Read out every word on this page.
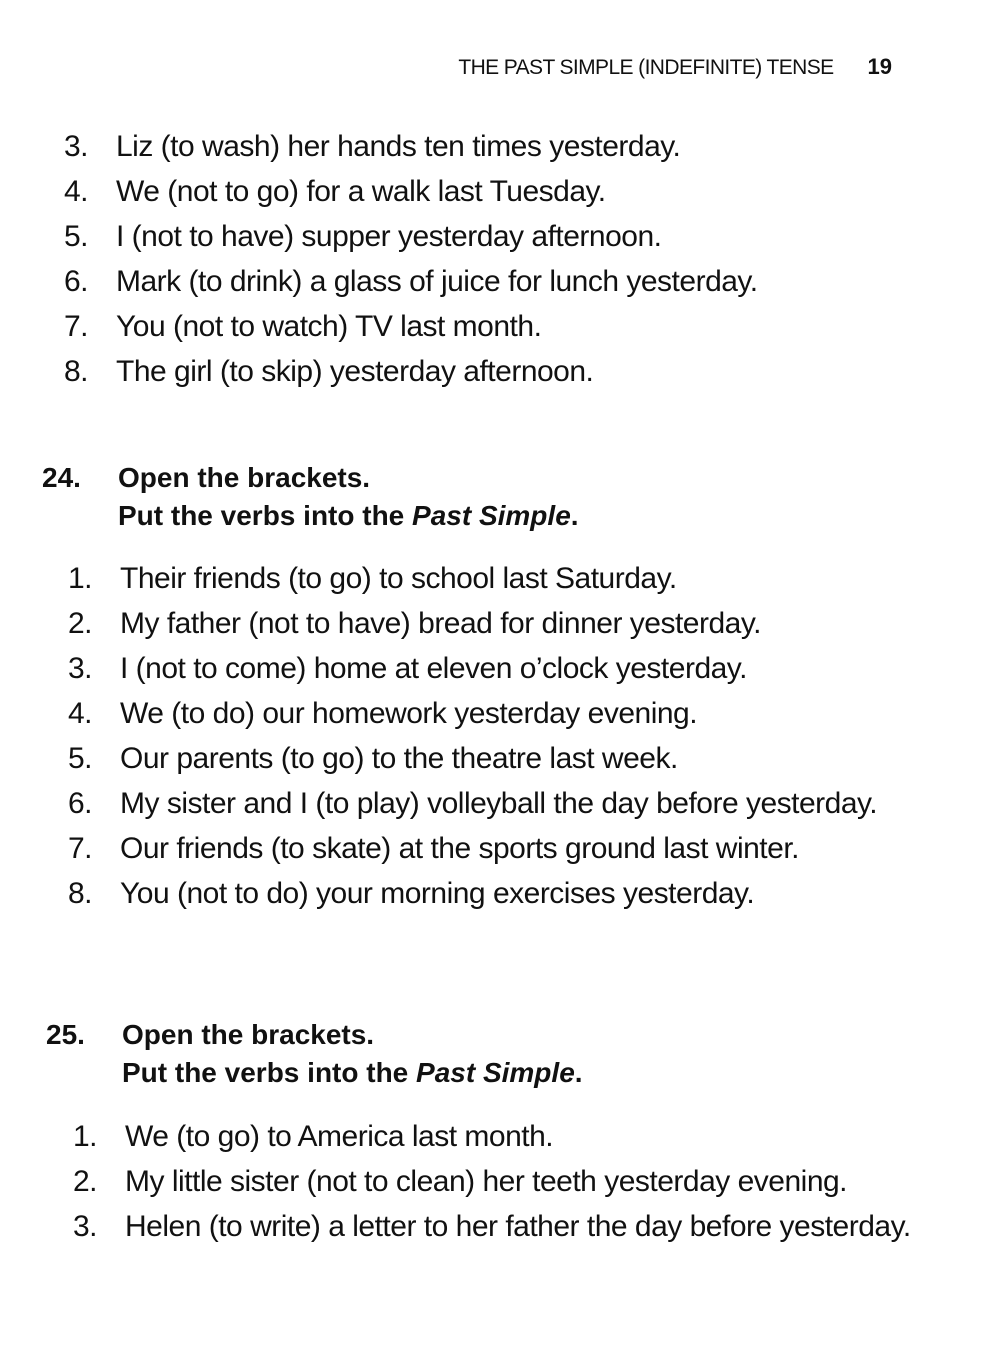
THE PAST SIMPLE (INDEFINITE) TENSE 19
3. Liz (to wash) her hands ten times yesterday.
4. We (not to go) for a walk last Tuesday.
5. I (not to have) supper yesterday afternoon.
6. Mark (to drink) a glass of juice for lunch yesterday.
7. You (not to watch) TV last month.
8. The girl (to skip) yesterday afternoon.
24.	Open the brackets.
Put the verbs into the Past Simple.
1. Their friends (to go) to school last Saturday.
2. My father (not to have) bread for dinner yesterday.
3. I (not to come) home at eleven o’clock yesterday.
4. We (to do) our homework yesterday evening.
5. Our parents (to go) to the theatre last week.
6. My sister and I (to play) volleyball the day before yesterday.
7. Our friends (to skate) at the sports ground last winter.
8. You (not to do) your morning exercises yesterday.
25.	Open the brackets.
Put the verbs into the Past Simple.
1. We (to go) to America last month.
2. My little sister (not to clean) her teeth yesterday evening.
3. Helen (to write) a letter to her father the day before yesterday.
